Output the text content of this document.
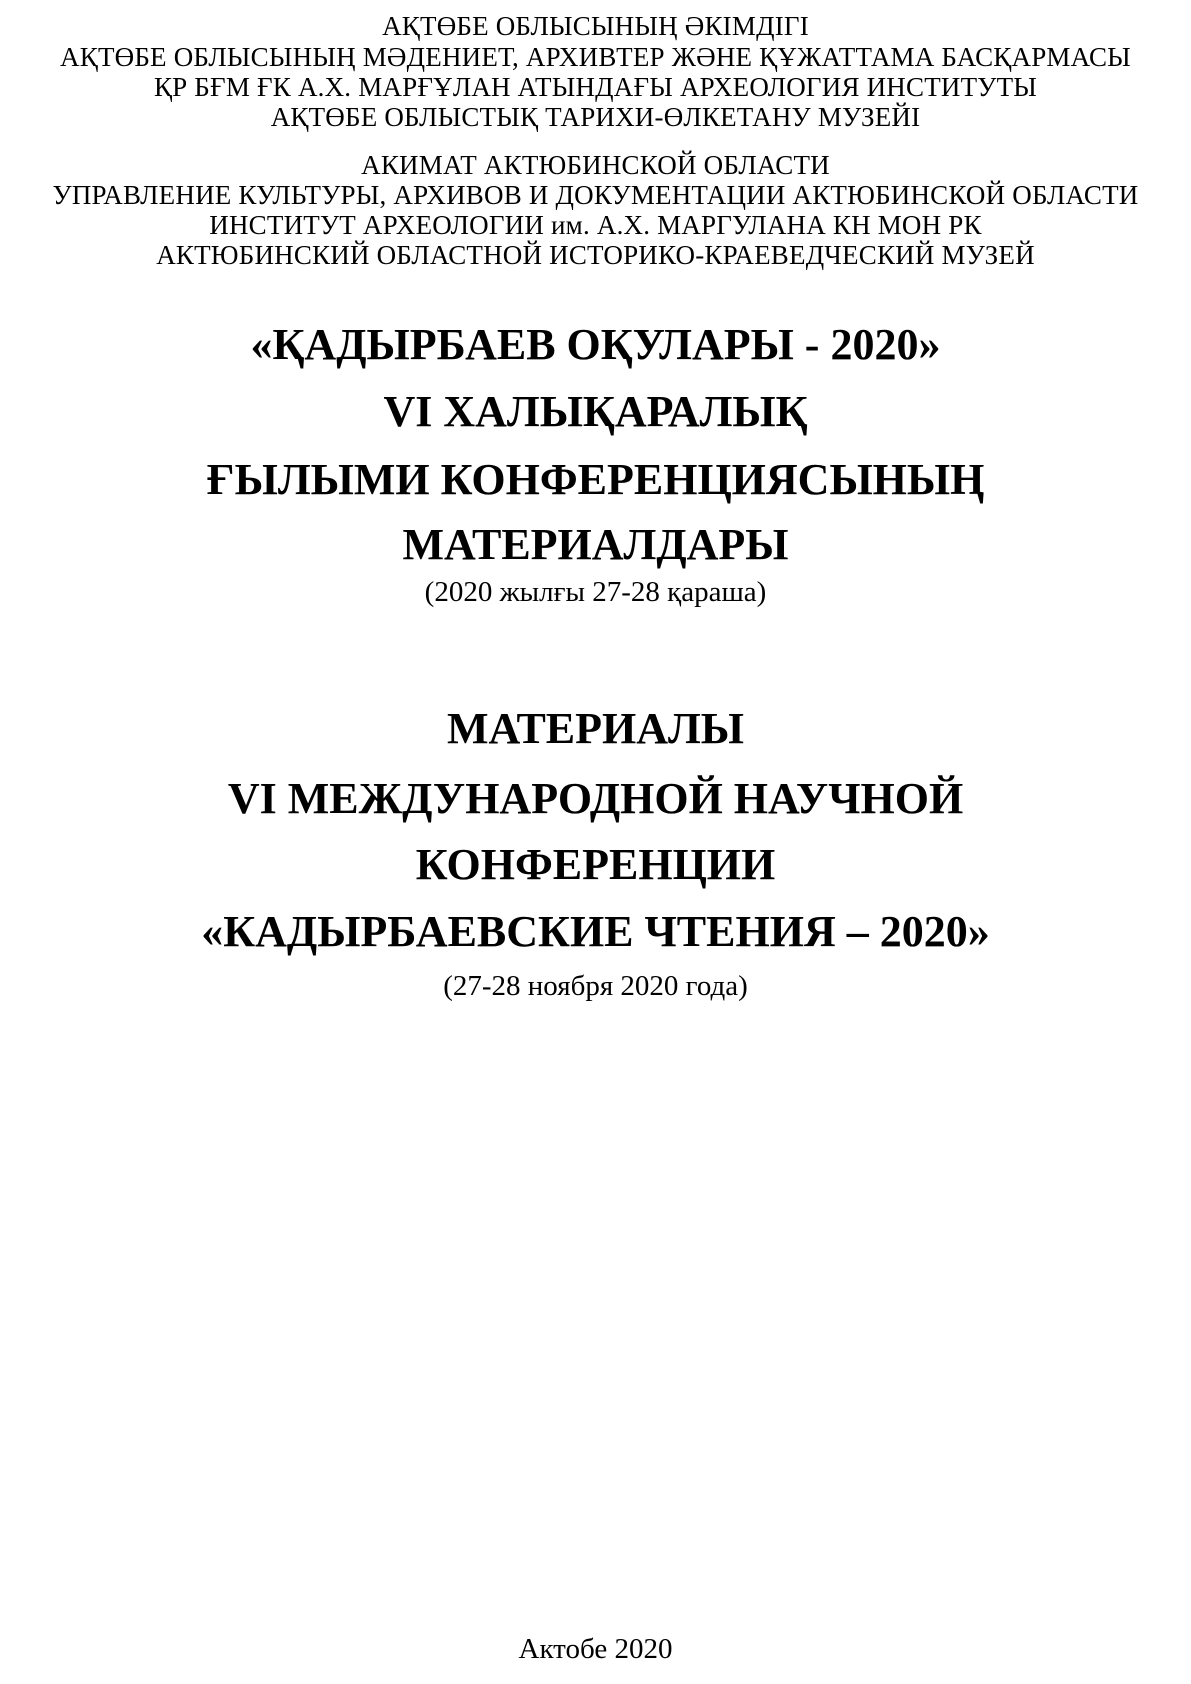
АҚТӨБЕ ОБЛЫСЫНЫҢ ӘКІМДІГІ
АҚТӨБЕ ОБЛЫСЫНЫҢ МӘДЕНИЕТ, АРХИВТЕР ЖӘНЕ ҚҰЖАТТАМА БАСҚАРМАСЫ
ҚР БҒМ ҒК А.Х. МАРҒҰЛАН АТЫНДАҒЫ АРХЕОЛОГИЯ ИНСТИТУТЫ
АҚТӨБЕ ОБЛЫСТЫҚ ТАРИХИ-ӨЛКЕТАНУ МУЗЕЙІ
АКИМАТ АКТЮБИНСКОЙ ОБЛАСТИ
УПРАВЛЕНИЕ КУЛЬТУРЫ, АРХИВОВ И ДОКУМЕНТАЦИИ АКТЮБИНСКОЙ ОБЛАСТИ
ИНСТИТУТ АРХЕОЛОГИИ им. А.Х. МАРГУЛАНА КН МОН РК
АКТЮБИНСКИЙ ОБЛАСТНОЙ ИСТОРИКО-КРАЕВЕДЧЕСКИЙ МУЗЕЙ
«ҚАДЫРБАЕВ ОҚУЛАРЫ - 2020»
VI ХАЛЫҚАРАЛЫҚ
ҒЫЛЫМИ КОНФЕРЕНЦИЯСЫНЫҢ
МАТЕРИАЛДАРЫ
(2020 жылғы 27-28 қараша)
МАТЕРИАЛЫ
VI МЕЖДУНАРОДНОЙ НАУЧНОЙ
КОНФЕРЕНЦИИ
«КАДЫРБАЕВСКИЕ ЧТЕНИЯ – 2020»
(27-28 ноября 2020 года)
Актобе 2020
